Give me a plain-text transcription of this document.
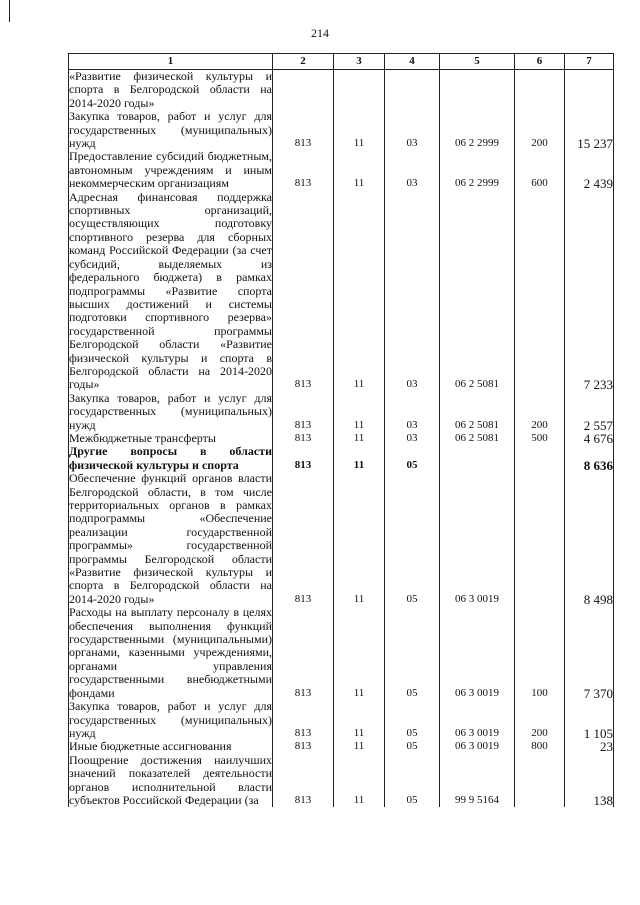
214
1	2	3	4	5	6	7
«Развитие физической культуры и спорта в Белгородской области на 2014-2020 годы»						
Закупка товаров, работ и услуг для государственных (муниципальных) нужд	813	11	03	06 2 2999	200	15 237
Предоставление субсидий бюджетным, автономным учреждениям и иным некоммерческим организациям	813	11	03	06 2 2999	600	2 439
Адресная финансовая поддержка спортивных организаций, осуществляющих подготовку спортивного резерва для сборных команд Российской Федерации (за счет субсидий, выделяемых из федерального бюджета) в рамках подпрограммы «Развитие спорта высших достижений и системы подготовки спортивного резерва» государственной программы Белгородской области «Развитие физической культуры и спорта в Белгородской области на 2014-2020 годы»	813	11	03	06 2 5081		7 233
Закупка товаров, работ и услуг для государственных (муниципальных) нужд	813	11	03	06 2 5081	200	2 557
Межбюджетные трансферты	813	11	03	06 2 5081	500	4 676
Другие вопросы в области физической культуры и спорта	813	11	05			8 636
Обеспечение функций органов власти Белгородской области, в том числе территориальных органов в рамках подпрограммы «Обеспечение реализации государственной программы» государственной программы Белгородской области «Развитие физической культуры и спорта в Белгородской области на 2014-2020 годы»	813	11	05	06 3 0019		8 498
Расходы на выплату персоналу в целях обеспечения выполнения функций государственными (муниципальными) органами, казенными учреждениями, органами управления государственными внебюджетными фондами	813	11	05	06 3 0019	100	7 370
Закупка товаров, работ и услуг для государственных (муниципальных) нужд	813	11	05	06 3 0019	200	1 105
Иные бюджетные ассигнования	813	11	05	06 3 0019	800	23
Поощрение достижения наилучших значений показателей деятельности органов исполнительной власти субъектов Российской Федерации (за	813	11	05	99 9 5164		138
